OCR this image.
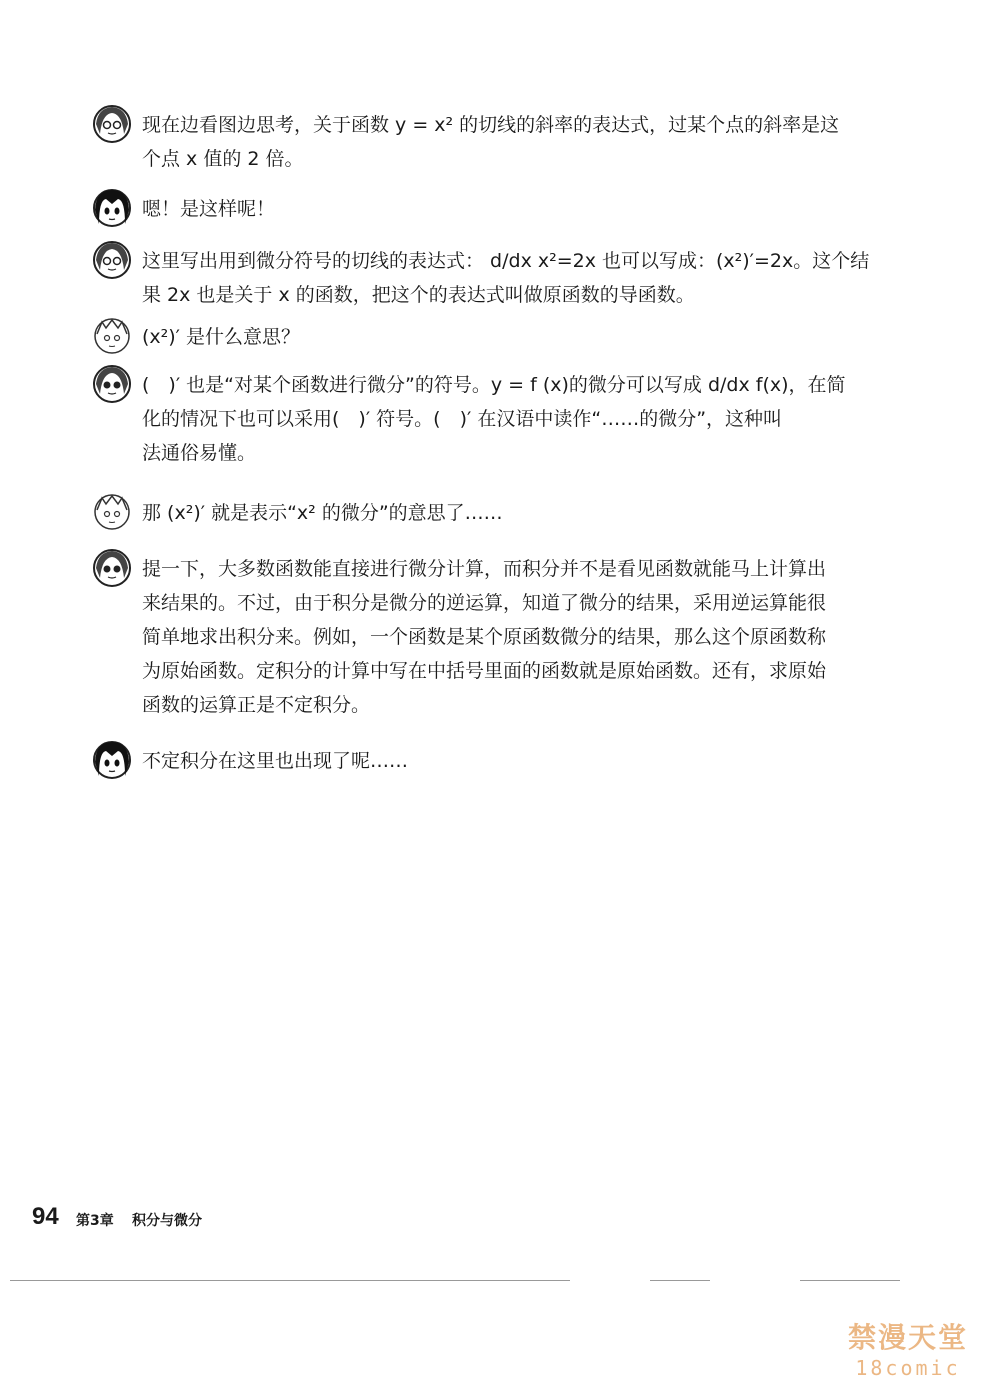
现在边看图边思考，关于函数 y = x² 的切线的斜率的表达式，过某个点的斜率是这
个点 x 值的 2 倍。
嗯！是这样呢！
这里写出用到微分符号的切线的表达式： d/dx x²=2x 也可以写成：(x²)′=2x。这个结
果 2x 也是关于 x 的函数，把这个的表达式叫做原函数的导函数。
(x²)′ 是什么意思？
(　)′ 也是“对某个函数进行微分”的符号。y = f (x)的微分可以写成 d/dx f(x)，在简
化的情况下也可以采用(　)′ 符号。(　)′ 在汉语中读作“……的微分”，这种叫
法通俗易懂。
那 (x²)′ 就是表示“x² 的微分”的意思了……
提一下，大多数函数能直接进行微分计算，而积分并不是看见函数就能马上计算出
来结果的。不过，由于积分是微分的逆运算，知道了微分的结果，采用逆运算能很
简单地求出积分来。例如，一个函数是某个原函数微分的结果，那么这个原函数称
为原始函数。定积分的计算中写在中括号里面的函数就是原始函数。还有，求原始
函数的运算正是不定积分。
不定积分在这里也出现了呢……
94 第3章 积分与微分
禁漫天堂
18comic
